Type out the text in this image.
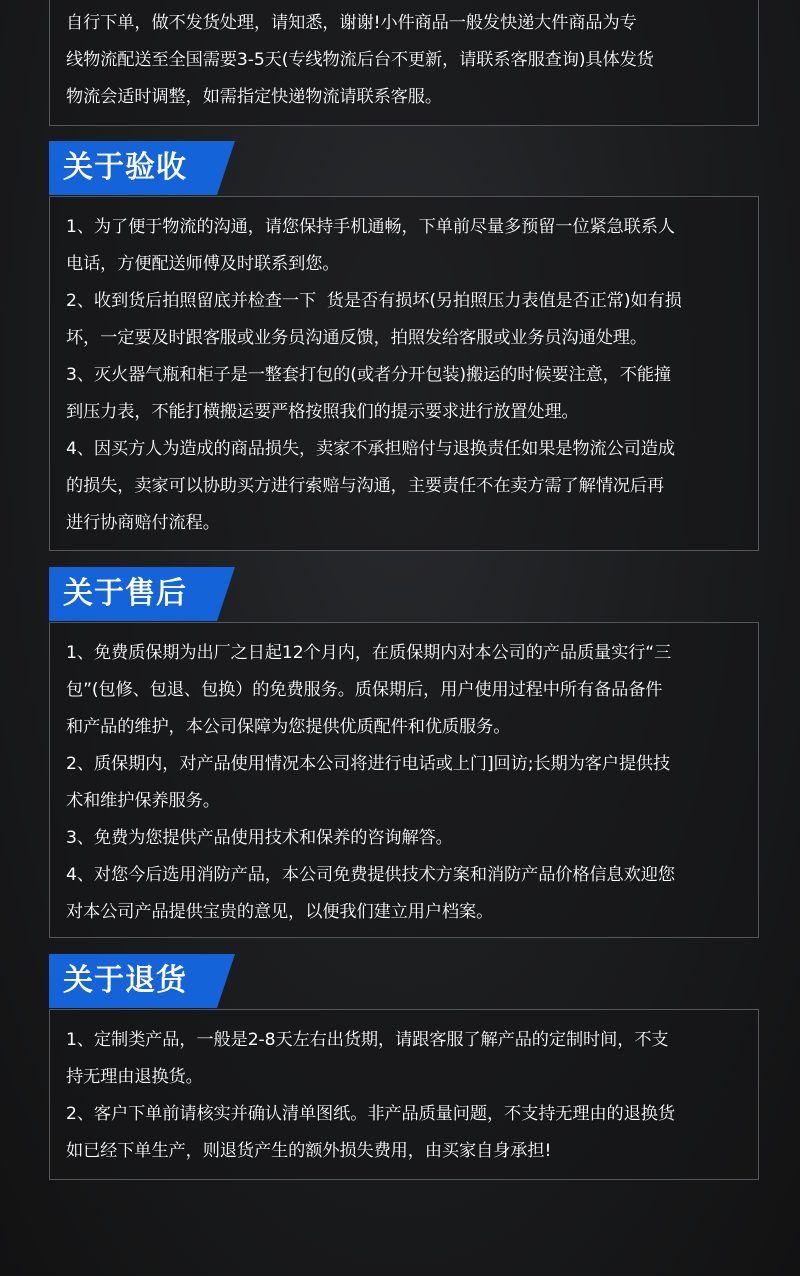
自行下单，做不发货处理，请知悉，谢谢!小件商品一般发快递大件商品为专

线物流配送至全国需要3-5天(专线物流后台不更新，请联系客服查询)具体发货

物流会适时调整，如需指定快递物流请联系客服。

关于验收

1、为了便于物流的沟通，请您保持手机通畅，下单前尽量多预留一位紧急联系人

电话，方便配送师傅及时联系到您。

2、收到货后拍照留底并检查一下  货是否有损坏(另拍照压力表值是否正常)如有损

坏，一定要及时跟客服或业务员沟通反馈，拍照发给客服或业务员沟通处理。

3、灭火器气瓶和柜子是一整套打包的(或者分开包装)搬运的时候要注意，不能撞

到压力表，不能打横搬运要严格按照我们的提示要求进行放置处理。

4、因买方人为造成的商品损失，卖家不承担赔付与退换责任如果是物流公司造成

的损失，卖家可以协助买方进行索赔与沟通，主要责任不在卖方需了解情况后再

进行协商赔付流程。

关于售后

1、免费质保期为出厂之日起12个月内，在质保期内对本公司的产品质量实行“三

包”(包修、包退、包换）的免费服务。质保期后，用户使用过程中所有备品备件

和产品的维护，本公司保障为您提供优质配件和优质服务。

2、质保期内，对产品使用情况本公司将进行电话或上门]回访;长期为客户提供技

术和维护保养服务。

3、免费为您提供产品使用技术和保养的咨询解答。

4、对您今后选用消防产品，本公司免费提供技术方案和消防产品价格信息欢迎您

对本公司产品提供宝贵的意见，以便我们建立用户档案。

关于退货

1、定制类产品，一般是2-8天左右出货期，请跟客服了解产品的定制时间，不支

持无理由退换货。

2、客户下单前请核实并确认清单图纸。非产品质量问题，不支持无理由的退换货

如已经下单生产，则退货产生的额外损失费用，由买家自身承担!
